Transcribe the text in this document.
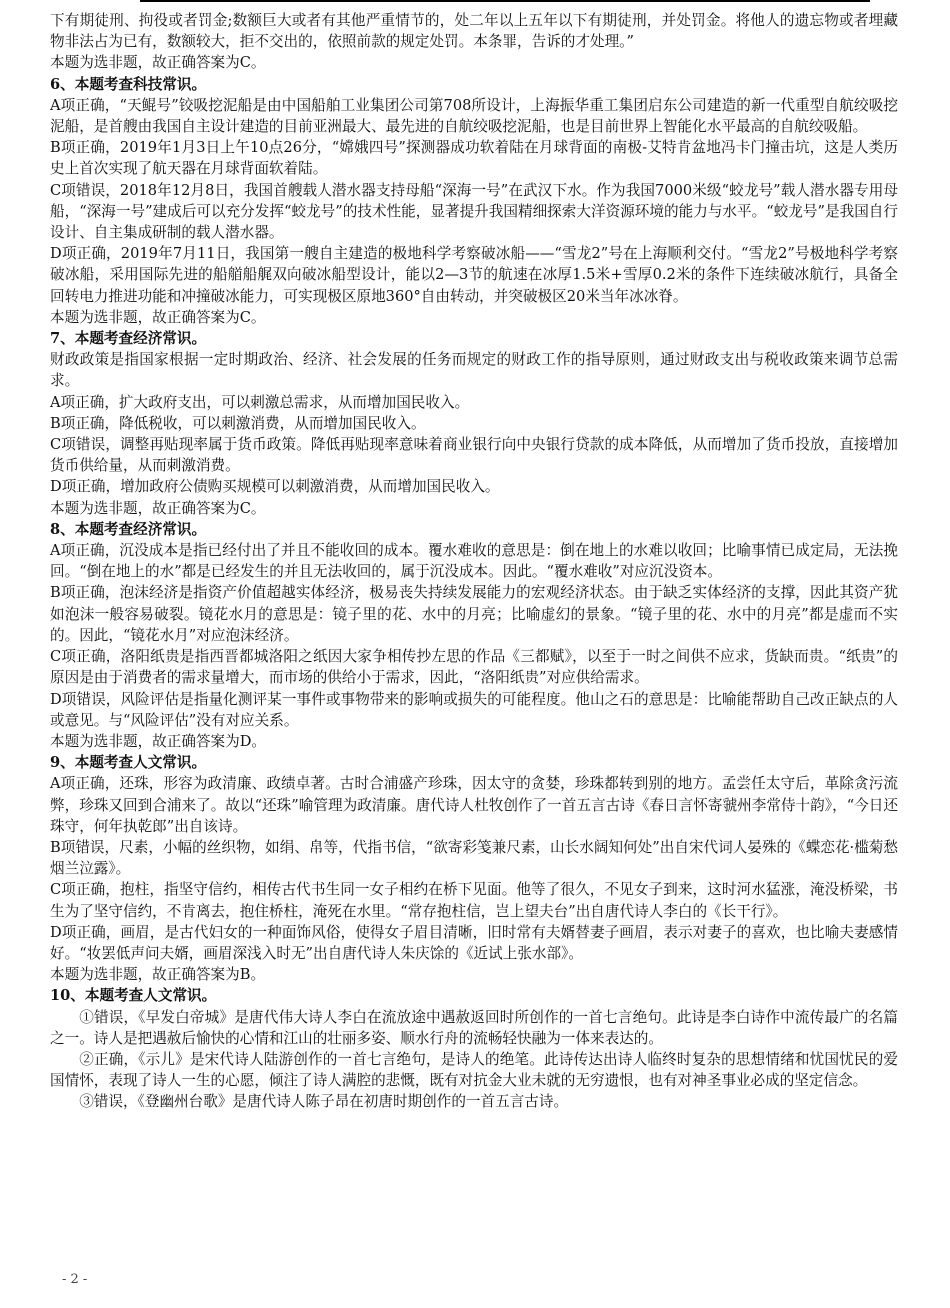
下有期徒刑、拘役或者罚金;数额巨大或者有其他严重情节的，处二年以上五年以下有期徒刑，并处罚金。将他人的遗忘物或者埋藏物非法占为已有，数额较大，拒不交出的，依照前款的规定处罚。本条罪，告诉的才处理。”

本题为选非题，故正确答案为C。

6、本题考查科技常识。

A项正确，“天鲲号”铰吸挖泥船是由中国船舶工业集团公司第708所设计，上海振华重工集团启东公司建造的新一代重型自航绞吸挖泥船，是首艘由我国自主设计建造的目前亚洲最大、最先进的自航绞吸挖泥船，也是目前世界上智能化水平最高的自航绞吸船。

B项正确，2019年1月3日上午10点26分，“嫦娥四号”探测器成功软着陆在月球背面的南极-艾特肯盆地冯卡门撞击坑，这是人类历史上首次实现了航天器在月球背面软着陆。

C项错误，2018年12月8日，我国首艘载人潜水器支持母船“深海一号”在武汉下水。作为我国7000米级“蛟龙号”载人潜水器专用母船，“深海一号”建成后可以充分发挥“蛟龙号”的技术性能，显著提升我国精细探索大洋资源环境的能力与水平。“蛟龙号”是我国自行设计、自主集成研制的载人潜水器。

D项正确，2019年7月11日，我国第一艘自主建造的极地科学考察破冰船——“雪龙2”号在上海顺利交付。“雪龙2”号极地科学考察破冰船，采用国际先进的船艏船艉双向破冰船型设计，能以2—3节的航速在冰厚1.5米+雪厚0.2米的条件下连续破冰航行，具备全回转电力推进功能和冲撞破冰能力，可实现极区原地360°自由转动，并突破极区20米当年冰冰脊。

本题为选非题，故正确答案为C。

7、本题考查经济常识。

财政政策是指国家根据一定时期政治、经济、社会发展的任务而规定的财政工作的指导原则，通过财政支出与税收政策来调节总需求。

A项正确，扩大政府支出，可以刺激总需求，从而增加国民收入。

B项正确，降低税收，可以刺激消费，从而增加国民收入。

C项错误，调整再贴现率属于货币政策。降低再贴现率意味着商业银行向中央银行贷款的成本降低，从而增加了货币投放，直接增加货币供给量，从而刺激消费。

D项正确，增加政府公债购买规模可以刺激消费，从而增加国民收入。

本题为选非题，故正确答案为C。

8、本题考查经济常识。

A项正确，沉没成本是指已经付出了并且不能收回的成本。覆水难收的意思是：倒在地上的水难以收回；比喻事情已成定局，无法挽回。“倒在地上的水”都是已经发生的并且无法收回的，属于沉没成本。因此。“覆水难收”对应沉没资本。

B项正确，泡沫经济是指资产价值超越实体经济，极易丧失持续发展能力的宏观经济状态。由于缺乏实体经济的支撑，因此其资产犹如泡沫一般容易破裂。镜花水月的意思是：镜子里的花、水中的月亮；比喻虚幻的景象。“镜子里的花、水中的月亮”都是虚而不实的。因此，“镜花水月”对应泡沫经济。

C项正确，洛阳纸贵是指西晋都城洛阳之纸因大家争相传抄左思的作品《三都赋》，以至于一时之间供不应求，货缺而贵。“纸贵”的原因是由于消费者的需求量增大，而市场的供给小于需求，因此，“洛阳纸贵”对应供给需求。

D项错误，风险评估是指量化测评某一事件或事物带来的影响或损失的可能程度。他山之石的意思是：比喻能帮助自己改正缺点的人或意见。与“风险评估”没有对应关系。

本题为选非题，故正确答案为D。

9、本题考查人文常识。

A项正确，还珠，形容为政清廉、政绩卓著。古时合浦盛产珍珠，因太守的贪婪，珍珠都转到别的地方。孟尝任太守后，革除贪污流弊，珍珠又回到合浦来了。故以“还珠”喻管理为政清廉。唐代诗人杜牧创作了一首五言古诗《春日言怀寄虢州李常侍十韵》，“今日还珠守，何年执乾郎”出自该诗。

B项错误，尺素，小幅的丝织物，如绢、帛等，代指书信，“欲寄彩笺兼尺素，山长水阔知何处”出自宋代词人晏殊的《蝶恋花·槛菊愁烟兰泣露》。

C项正确，抱柱，指坚守信约，相传古代书生同一女子相约在桥下见面。他等了很久，不见女子到来，这时河水猛涨，淹没桥梁，书生为了坚守信约，不肯离去，抱住桥柱，淹死在水里。“常存抱柱信，岂上望夫台”出自唐代诗人李白的《长干行》。

D项正确，画眉，是古代妇女的一种面饰风俗，使得女子眉目清晰，旧时常有夫婿替妻子画眉，表示对妻子的喜欢，也比喻夫妻感情好。“妆罢低声问夫婿，画眉深浅入时无”出自唐代诗人朱庆馀的《近试上张水部》。

本题为选非题，故正确答案为B。

10、本题考查人文常识。

①错误，《早发白帝城》是唐代伟大诗人李白在流放途中遇赦返回时所创作的一首七言绝句。此诗是李白诗作中流传最广的名篇之一。诗人是把遇赦后愉快的心情和江山的壮丽多姿、顺水行舟的流畅轻快融为一体来表达的。

②正确，《示儿》是宋代诗人陆游创作的一首七言绝句，是诗人的绝笔。此诗传达出诗人临终时复杂的思想情绪和忧国忧民的爱国情怀，表现了诗人一生的心愿，倾注了诗人满腔的悲慨，既有对抗金大业未就的无穷遗恨，也有对神圣事业必成的坚定信念。

③错误，《登幽州台歌》是唐代诗人陈子昂在初唐时期创作的一首五言古诗。

- 2 -
